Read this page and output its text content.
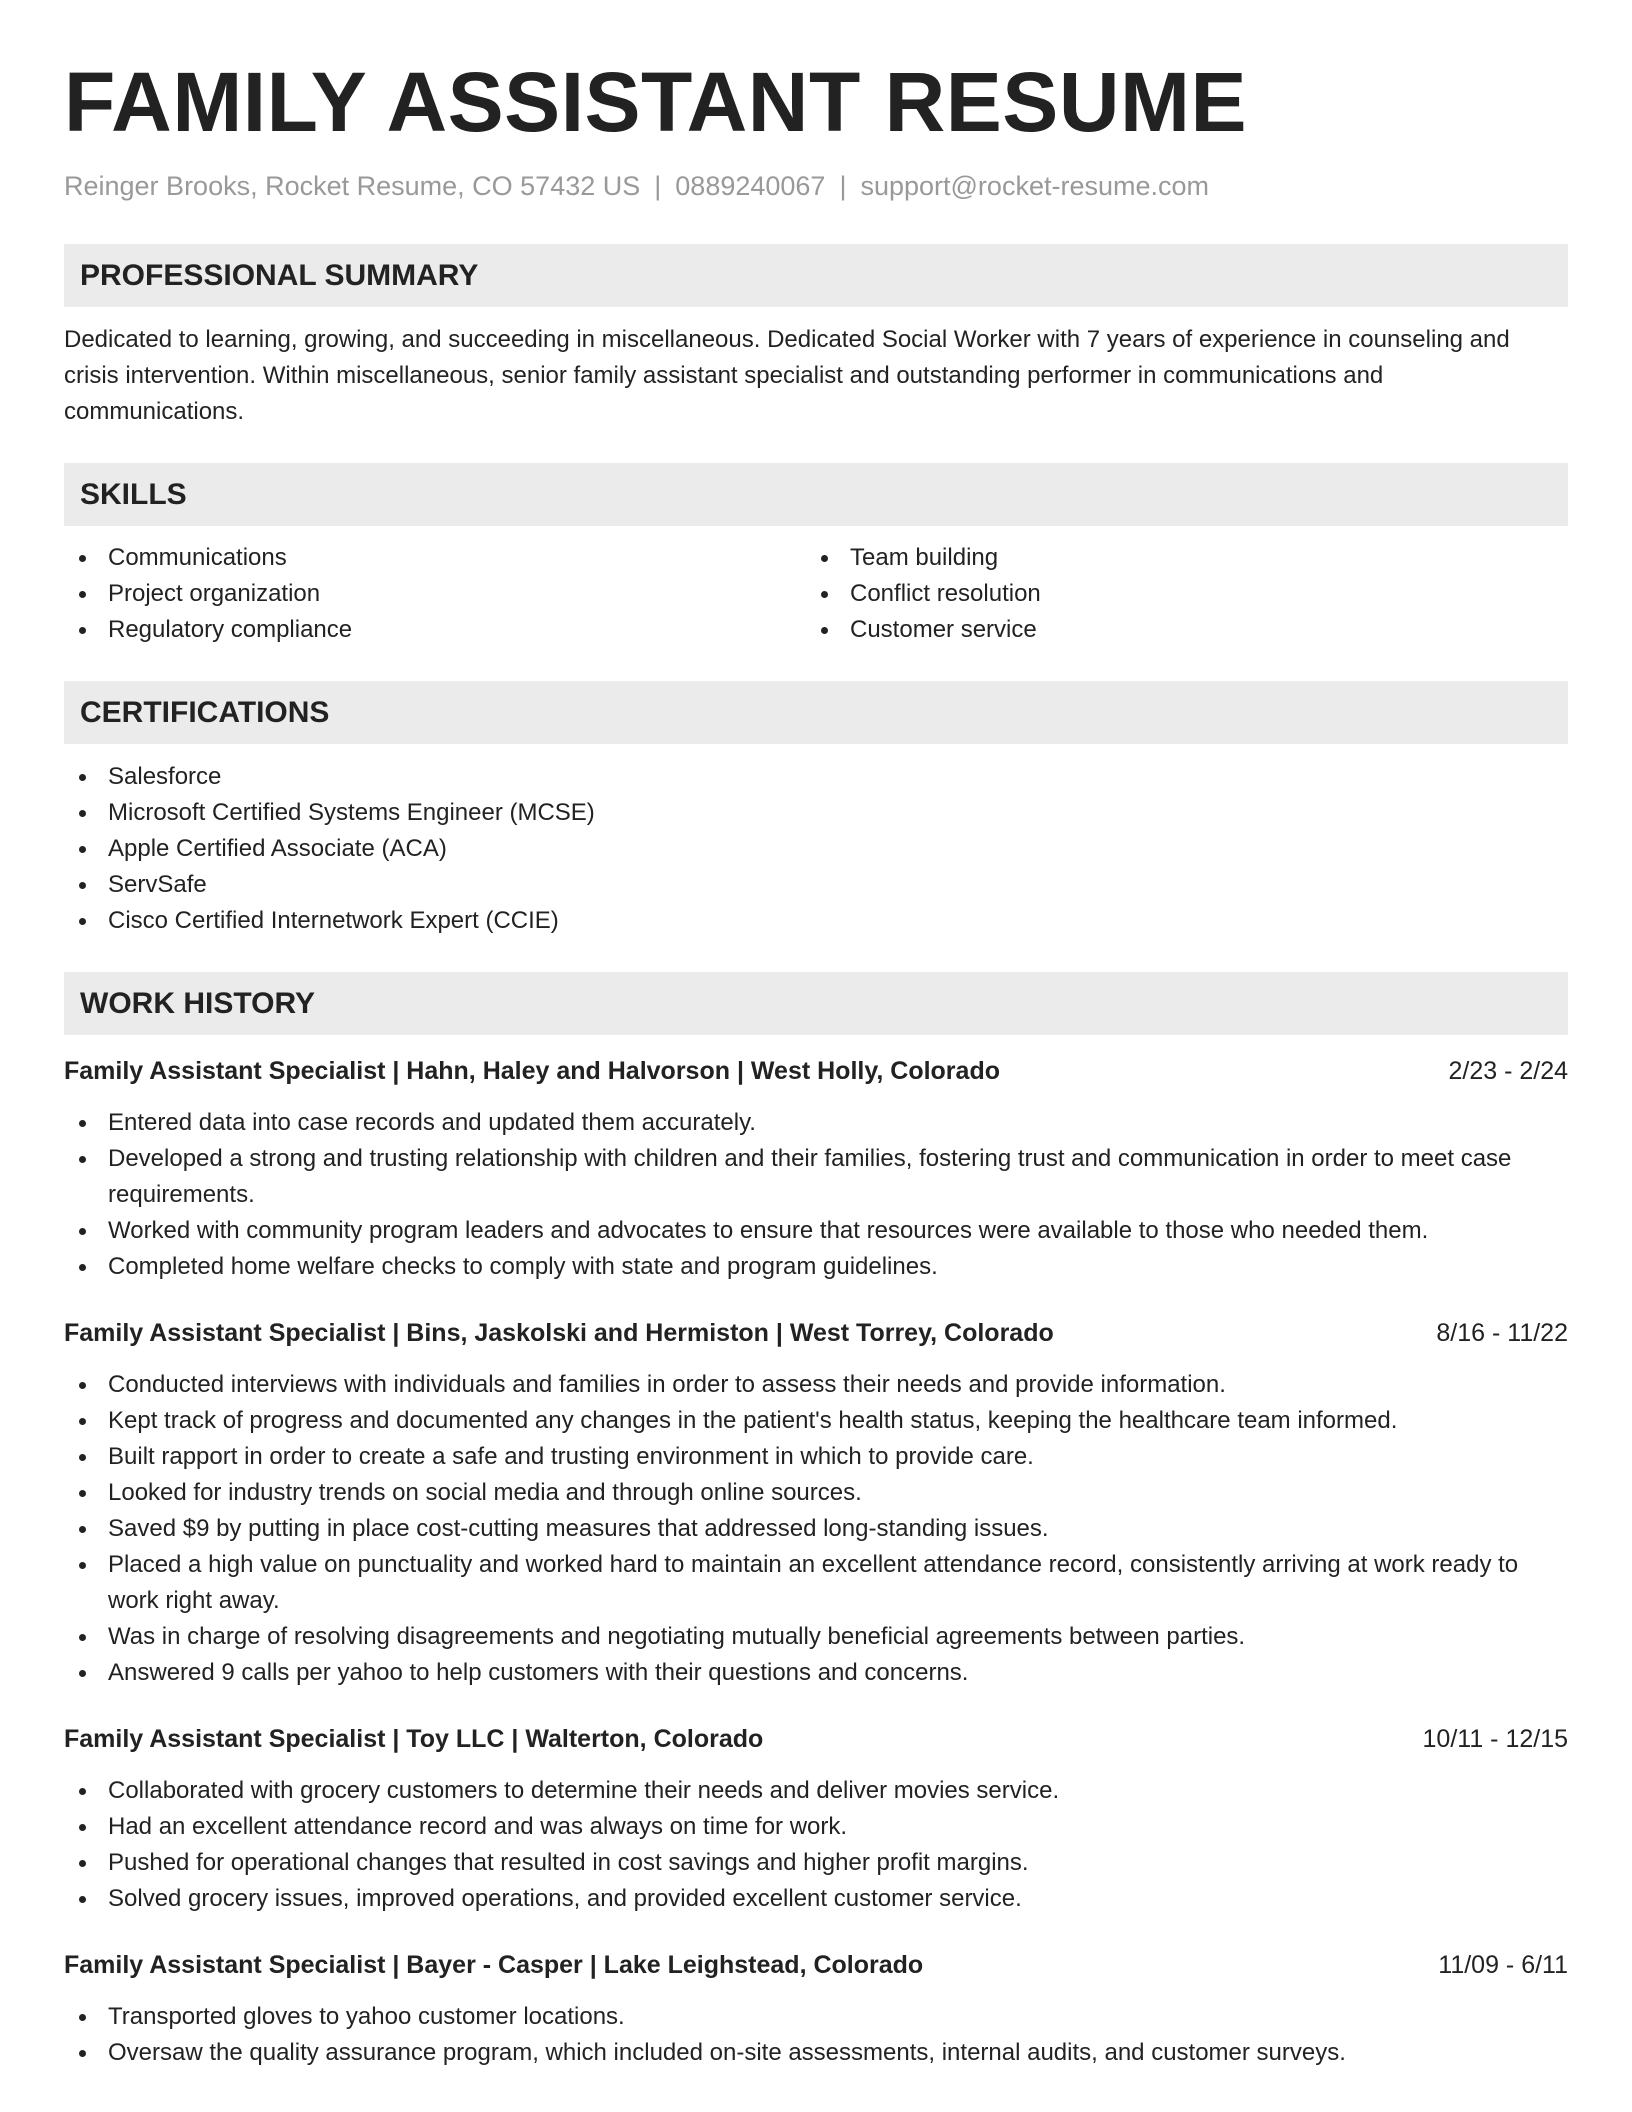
FAMILY ASSISTANT RESUME
Reinger Brooks, Rocket Resume, CO 57432 US | 0889240067 | support@rocket-resume.com
PROFESSIONAL SUMMARY

Dedicated to learning, growing, and succeeding in miscellaneous. Dedicated Social Worker with 7 years of experience in counseling and crisis intervention. Within miscellaneous, senior family assistant specialist and outstanding performer in communications and communications.

SKILLS
Communications
Project organization
Regulatory compliance
Team building
Conflict resolution
Customer service
CERTIFICATIONS
Salesforce
Microsoft Certified Systems Engineer (MCSE)
Apple Certified Associate (ACA)
ServSafe
Cisco Certified Internetwork Expert (CCIE)
WORK HISTORY
Family Assistant Specialist | Hahn, Haley and Halvorson | West Holly, Colorado	2/23 - 2/24
Entered data into case records and updated them accurately.
Developed a strong and trusting relationship with children and their families, fostering trust and communication in order to meet case requirements.
Worked with community program leaders and advocates to ensure that resources were available to those who needed them.
Completed home welfare checks to comply with state and program guidelines.
Family Assistant Specialist | Bins, Jaskolski and Hermiston | West Torrey, Colorado	8/16 - 11/22
Conducted interviews with individuals and families in order to assess their needs and provide information.
Kept track of progress and documented any changes in the patient's health status, keeping the healthcare team informed.
Built rapport in order to create a safe and trusting environment in which to provide care.
Looked for industry trends on social media and through online sources.
Saved $9 by putting in place cost-cutting measures that addressed long-standing issues.
Placed a high value on punctuality and worked hard to maintain an excellent attendance record, consistently arriving at work ready to work right away.
Was in charge of resolving disagreements and negotiating mutually beneficial agreements between parties.
Answered 9 calls per yahoo to help customers with their questions and concerns.
Family Assistant Specialist | Toy LLC | Walterton, Colorado	10/11 - 12/15
Collaborated with grocery customers to determine their needs and deliver movies service.
Had an excellent attendance record and was always on time for work.
Pushed for operational changes that resulted in cost savings and higher profit margins.
Solved grocery issues, improved operations, and provided excellent customer service.
Family Assistant Specialist | Bayer - Casper | Lake Leighstead, Colorado	11/09 - 6/11
Transported gloves to yahoo customer locations.
Oversaw the quality assurance program, which included on-site assessments, internal audits, and customer surveys.
